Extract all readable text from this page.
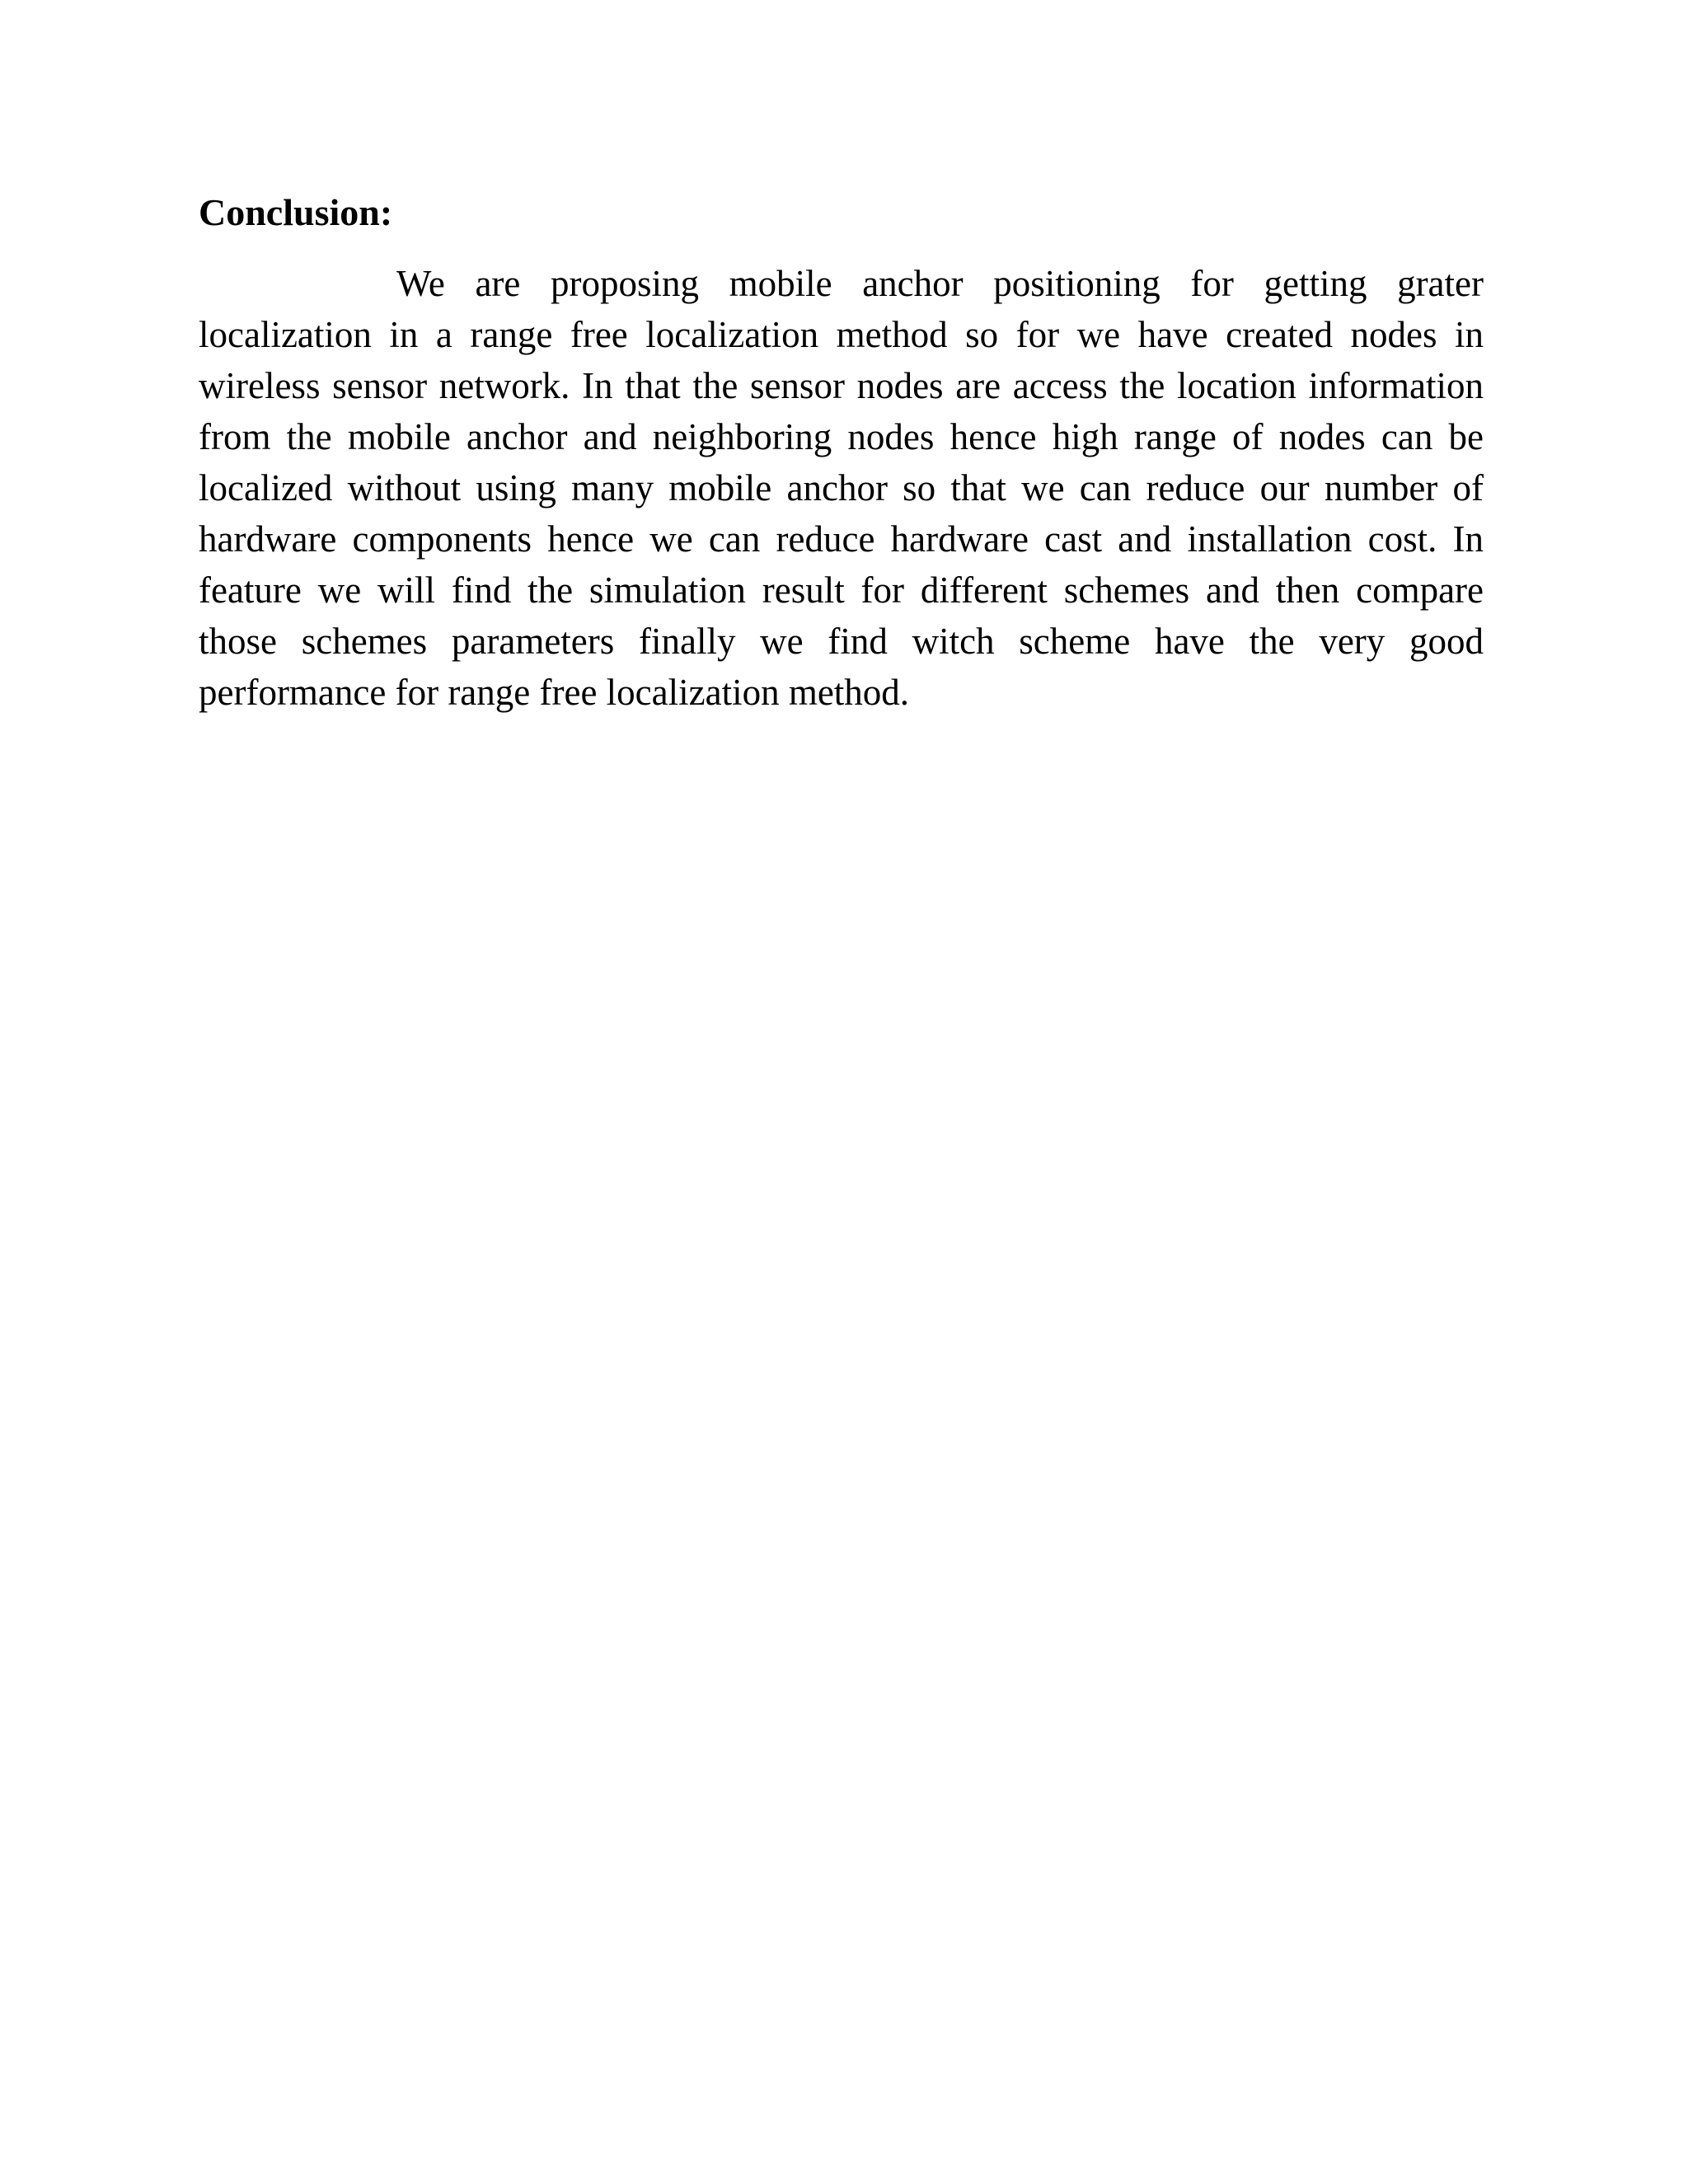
Conclusion:

We are proposing mobile anchor positioning for getting grater localization in a range free localization method so for we have created nodes in wireless sensor network. In that the sensor nodes are access the location information from the mobile anchor and neighboring nodes hence high range of nodes can be localized without using many mobile anchor so that we can reduce our number of hardware components hence we can reduce hardware cast and installation cost. In feature we will find the simulation result for different schemes and then compare those schemes parameters finally we find witch scheme have the very good performance for range free localization method.
